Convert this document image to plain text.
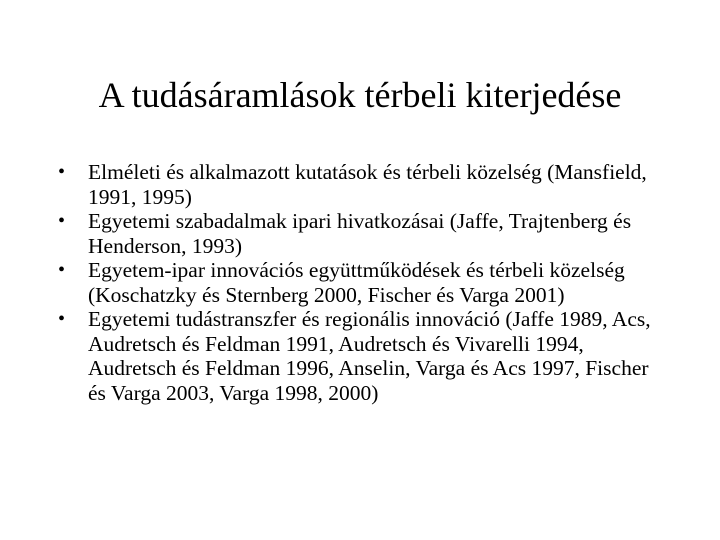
A tudásáramlások térbeli kiterjedése
•	Elméleti és alkalmazott kutatások és térbeli közelség (Mansfield, 1991, 1995)
•	Egyetemi szabadalmak ipari hivatkozásai (Jaffe, Trajtenberg és Henderson, 1993)
•	Egyetem-ipar innovációs együttműködések és térbeli közelség (Koschatzky és Sternberg 2000, Fischer és Varga 2001)
•	Egyetemi tudástranszfer és regionális innováció (Jaffe 1989, Acs, Audretsch és Feldman 1991, Audretsch és Vivarelli 1994, Audretsch és Feldman 1996, Anselin, Varga és Acs 1997, Fischer és Varga 2003, Varga 1998, 2000)
